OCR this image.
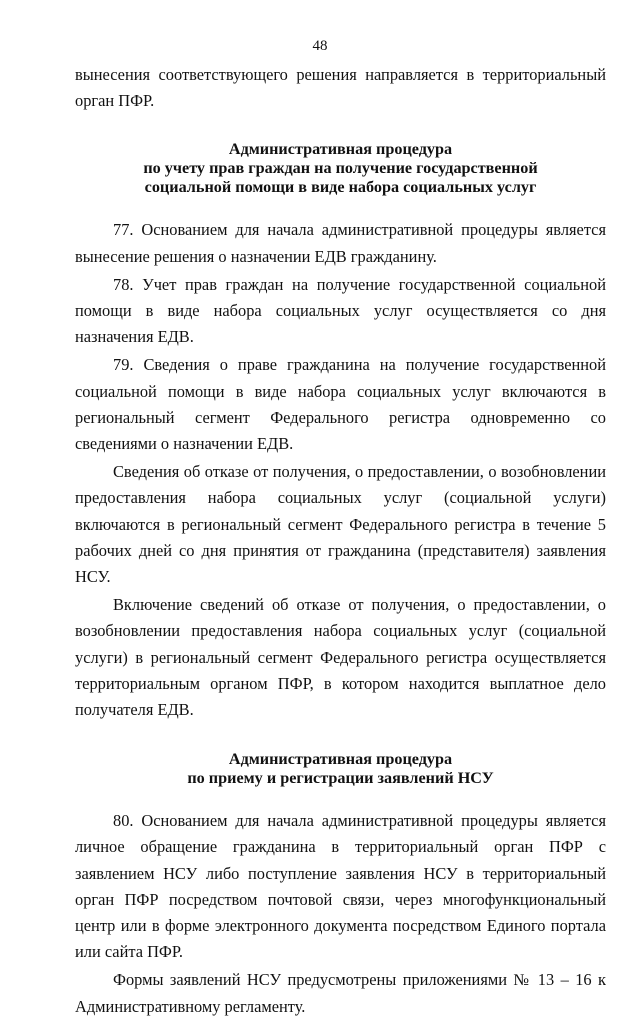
48

вынесения соответствующего решения направляется в территориальный орган ПФР.

Административная процедура
по учету прав граждан на получение государственной
социальной помощи в виде набора социальных услуг

77. Основанием для начала административной процедуры является вынесение решения о назначении ЕДВ гражданину.

78. Учет прав граждан на получение государственной социальной помощи в виде набора социальных услуг осуществляется со дня назначения ЕДВ.

79. Сведения о праве гражданина на получение государственной социальной помощи в виде набора социальных услуг включаются в региональный сегмент Федерального регистра одновременно со сведениями о назначении ЕДВ.

Сведения об отказе от получения, о предоставлении, о возобновлении предоставления набора социальных услуг (социальной услуги) включаются в региональный сегмент Федерального регистра в течение 5 рабочих дней со дня принятия от гражданина (представителя) заявления НСУ.

Включение сведений об отказе от получения, о предоставлении, о возобновлении предоставления набора социальных услуг (социальной услуги) в региональный сегмент Федерального регистра осуществляется территориальным органом ПФР, в котором находится выплатное дело получателя ЕДВ.

Административная процедура
по приему и регистрации заявлений НСУ

80. Основанием для начала административной процедуры является личное обращение гражданина в территориальный орган ПФР с заявлением НСУ либо поступление заявления НСУ в территориальный орган ПФР посредством почтовой связи, через многофункциональный центр или в форме электронного документа посредством Единого портала или сайта ПФР.

Формы заявлений НСУ предусмотрены приложениями № 13 – 16 к Административному регламенту.
